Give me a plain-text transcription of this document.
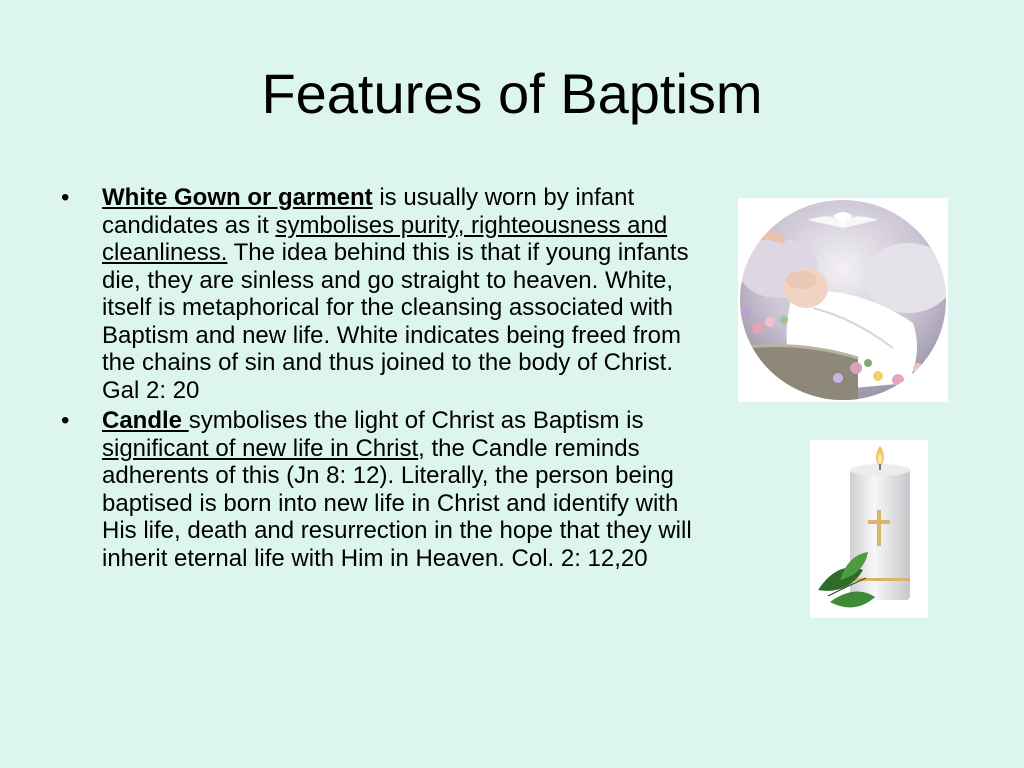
Features of Baptism
• White Gown or garment is usually worn by infant candidates as it symbolises purity, righteousness and cleanliness. The idea behind this is that if young infants die, they are sinless and go straight to heaven. White, itself is metaphorical for the cleansing associated with Baptism and new life. White indicates being freed from the chains of sin and thus joined to the body of Christ. Gal 2: 20
• Candle symbolises the light of Christ as Baptism is significant of new life in Christ, the Candle reminds adherents of this (Jn 8: 12). Literally, the person being baptised is born into new life in Christ and identify with His life, death and resurrection in the hope that they will inherit eternal life with Him in Heaven. Col. 2: 12,20
